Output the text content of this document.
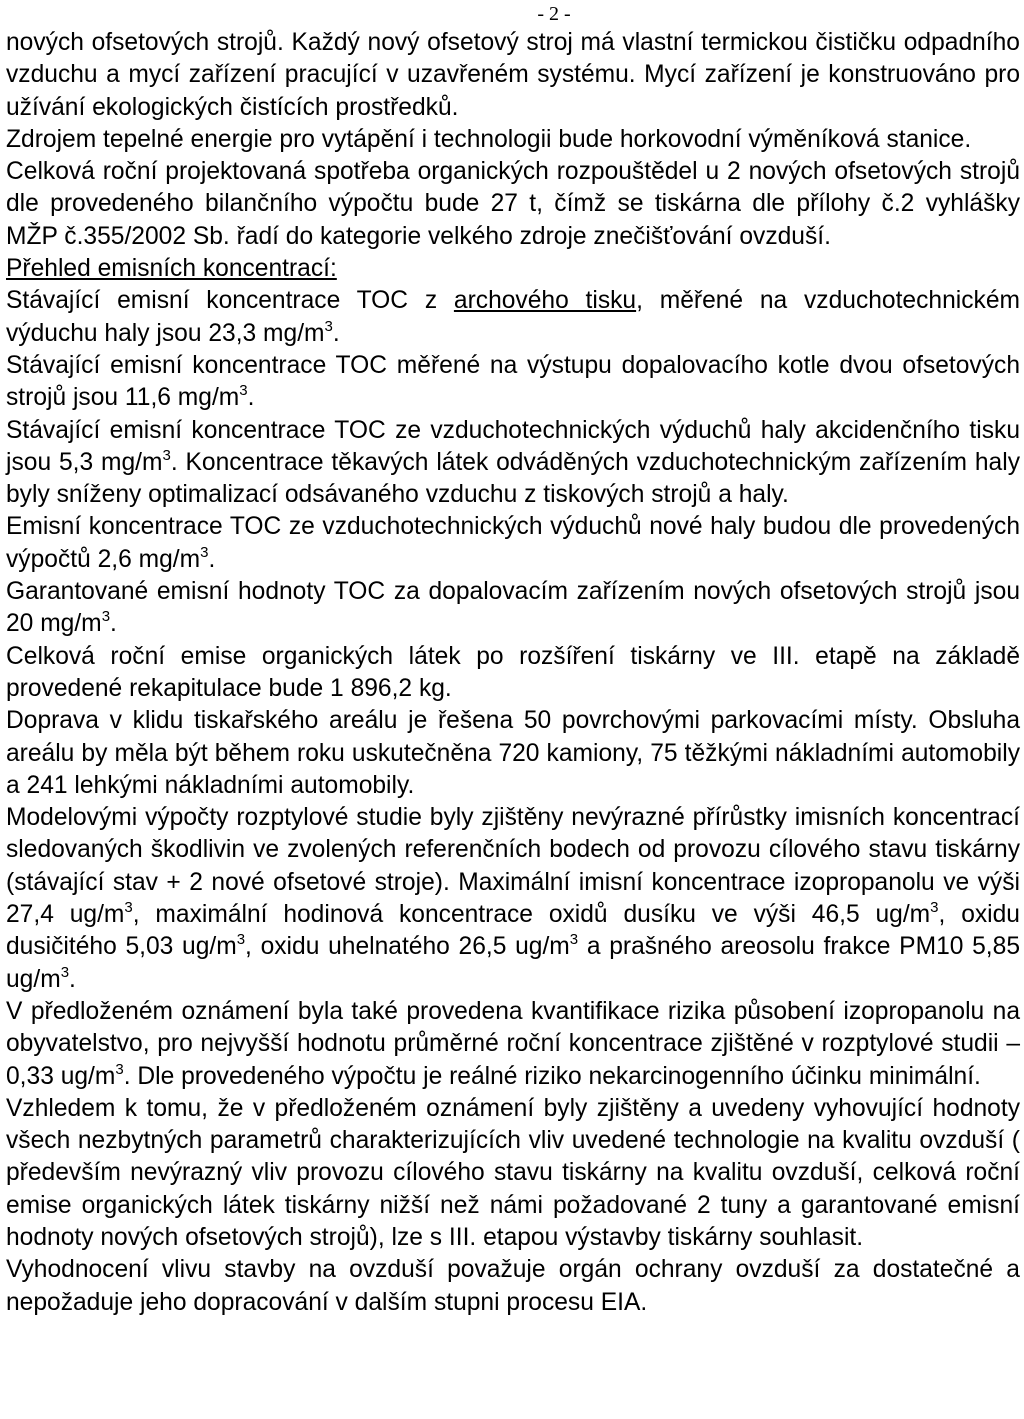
- 2 -

nových ofsetových strojů. Každý nový ofsetový stroj má vlastní termickou čističku odpadního vzduchu a mycí zařízení pracující v uzavřeném systému. Mycí zařízení je konstruováno pro užívání ekologických čistících prostředků.

Zdrojem tepelné energie pro vytápění i technologii bude horkovodní výměníková stanice.

Celková roční projektovaná spotřeba organických rozpouštědel u 2 nových ofsetových strojů dle provedeného bilančního výpočtu bude 27 t, čímž se tiskárna dle přílohy č.2 vyhlášky MŽP č.355/2002 Sb. řadí do kategorie velkého zdroje znečišťování ovzduší.

Přehled emisních koncentrací:

Stávající emisní koncentrace TOC z archového tisku, měřené na vzduchotechnickém výduchu haly jsou 23,3 $mg/m^3$.

Stávající emisní koncentrace TOC měřené na výstupu dopalovacího kotle dvou ofsetových strojů jsou 11,6 $mg/m^3$.

Stávající emisní koncentrace TOC ze vzduchotechnických výduchů haly akcidenčního tisku jsou 5,3 $mg/m^3$. Koncentrace těkavých látek odváděných vzduchotechnickým zařízením haly byly sníženy optimalizací odsávaného vzduchu z tiskových strojů a haly.

Emisní koncentrace TOC ze vzduchotechnických výduchů nové haly budou dle provedených výpočtů 2,6 $mg/m^3$.

Garantované emisní hodnoty TOC za dopalovacím zařízením nových ofsetových strojů jsou 20 $mg/m^3$.

Celková roční emise organických látek po rozšíření tiskárny ve III. etapě na základě provedené rekapitulace bude 1 896,2 kg.

Doprava v klidu tiskařského areálu je řešena 50 povrchovými parkovacími místy. Obsluha areálu by měla být během roku uskutečněna 720 kamiony, 75 těžkými nákladními automobily a 241 lehkými nákladními automobily.

Modelovými výpočty rozptylové studie byly zjištěny nevýrazné přírůstky imisních koncentrací sledovaných škodlivin ve zvolených referenčních bodech od provozu cílového stavu tiskárny (stávající stav + 2 nové ofsetové stroje). Maximální imisní koncentrace izopropanolu ve výši 27,4 $ug/m^3$, maximální hodinová koncentrace oxidů dusíku ve výši 46,5 $ug/m^3$, oxidu dusičitého 5,03 $ug/m^3$, oxidu uhelnatého 26,5 $ug/m^3$ a prašného areosolu frakce PM10 5,85 $ug/m^3$.

V předloženém oznámení byla také provedena kvantifikace rizika působení izopropanolu na obyvatelstvo, pro nejvyšší hodnotu průměrné roční koncentrace zjištěné v rozptylové studii – 0,33 $ug/m^3$. Dle provedeného výpočtu je reálné riziko nekarcinogenního účinku minimální.

Vzhledem k tomu, že v předloženém oznámení byly zjištěny a uvedeny vyhovující hodnoty všech nezbytných parametrů charakterizujících vliv uvedené technologie na kvalitu ovzduší ( především nevýrazný vliv provozu cílového stavu tiskárny na kvalitu ovzduší, celková roční emise organických látek tiskárny nižší než námi požadované 2 tuny a garantované emisní hodnoty nových ofsetových strojů), lze s III. etapou výstavby tiskárny souhlasit.

Vyhodnocení vlivu stavby na ovzduší považuje orgán ochrany ovzduší za dostatečné a nepožaduje jeho dopracování v dalším stupni procesu EIA.
